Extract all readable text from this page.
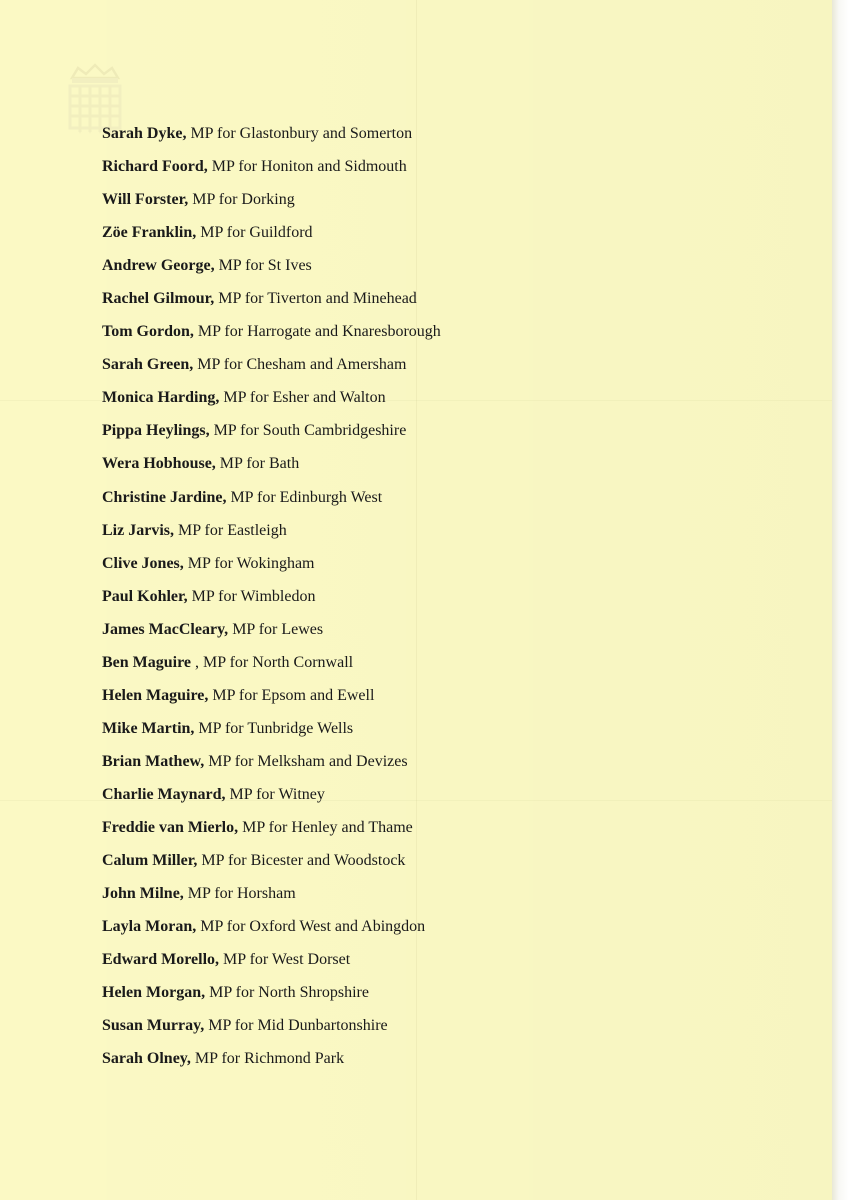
Sarah Dyke, MP for Glastonbury and Somerton
Richard Foord, MP for Honiton and Sidmouth
Will Forster, MP for Dorking
Zöe Franklin, MP for Guildford
Andrew George, MP for St Ives
Rachel Gilmour, MP for Tiverton and Minehead
Tom Gordon, MP for Harrogate and Knaresborough
Sarah Green, MP for Chesham and Amersham
Monica Harding, MP for Esher and Walton
Pippa Heylings, MP for South Cambridgeshire
Wera Hobhouse, MP for Bath
Christine Jardine, MP for Edinburgh West
Liz Jarvis, MP for Eastleigh
Clive Jones, MP for Wokingham
Paul Kohler, MP for Wimbledon
James MacCleary, MP for Lewes
Ben Maguire , MP for North Cornwall
Helen Maguire, MP for Epsom and Ewell
Mike Martin, MP for Tunbridge Wells
Brian Mathew, MP for Melksham and Devizes
Charlie Maynard, MP for Witney
Freddie van Mierlo, MP for Henley and Thame
Calum Miller, MP for Bicester and Woodstock
John Milne, MP for Horsham
Layla Moran, MP for Oxford West and Abingdon
Edward Morello, MP for West Dorset
Helen Morgan, MP for North Shropshire
Susan Murray, MP for Mid Dunbartonshire
Sarah Olney, MP for Richmond Park
